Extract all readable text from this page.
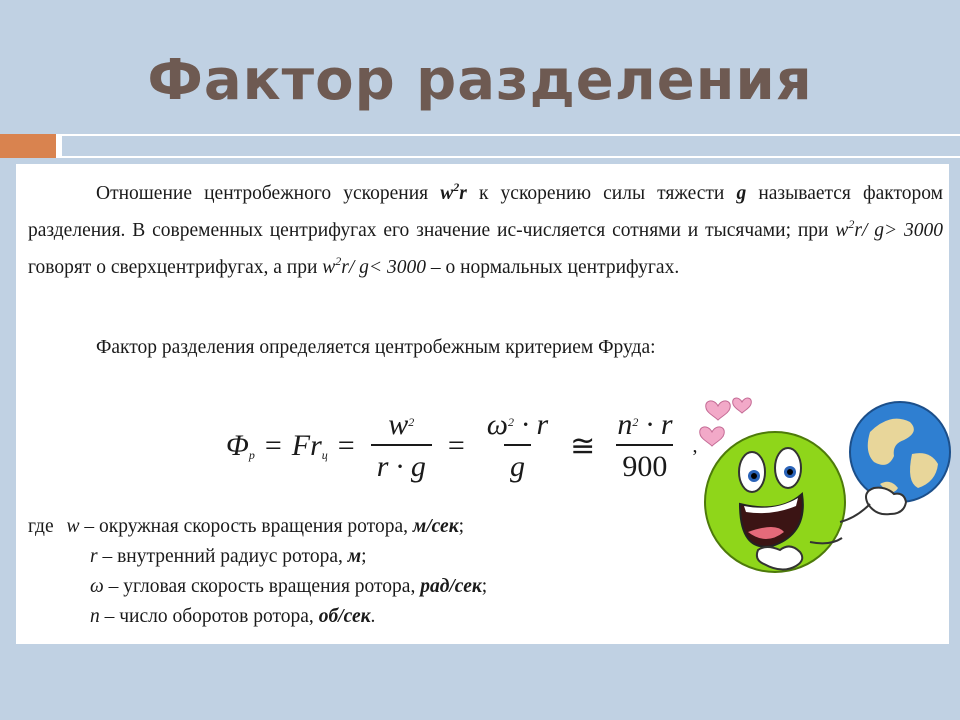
Фактор разделения

Отношение центробежного ускорения $w^2r$ к ускорению силы тяжести g называется фактором разделения. В современных центрифугах его значение ис-числяется сотнями и тысячами; при $w^2r/$ g> 3000 говорят о сверхцентрифугах, а при $w^2r/$ g< 3000 – о нормальных центрифугах.

Фактор разделения определяется центробежным критерием Фруда:

$\Phi_р = Fr_ц = \frac{w^2}{r \cdot g} = \frac{\omega^2 \cdot r}{g}$ ≅ $\frac{n^2 \cdot r}{900}$ ,
где w – окружная скорость вращения ротора, м/сек;
r – внутренний радиус ротора, м;
ω – угловая скорость вращения ротора, рад/сек;
n – число оборотов ротора, об/сек.
